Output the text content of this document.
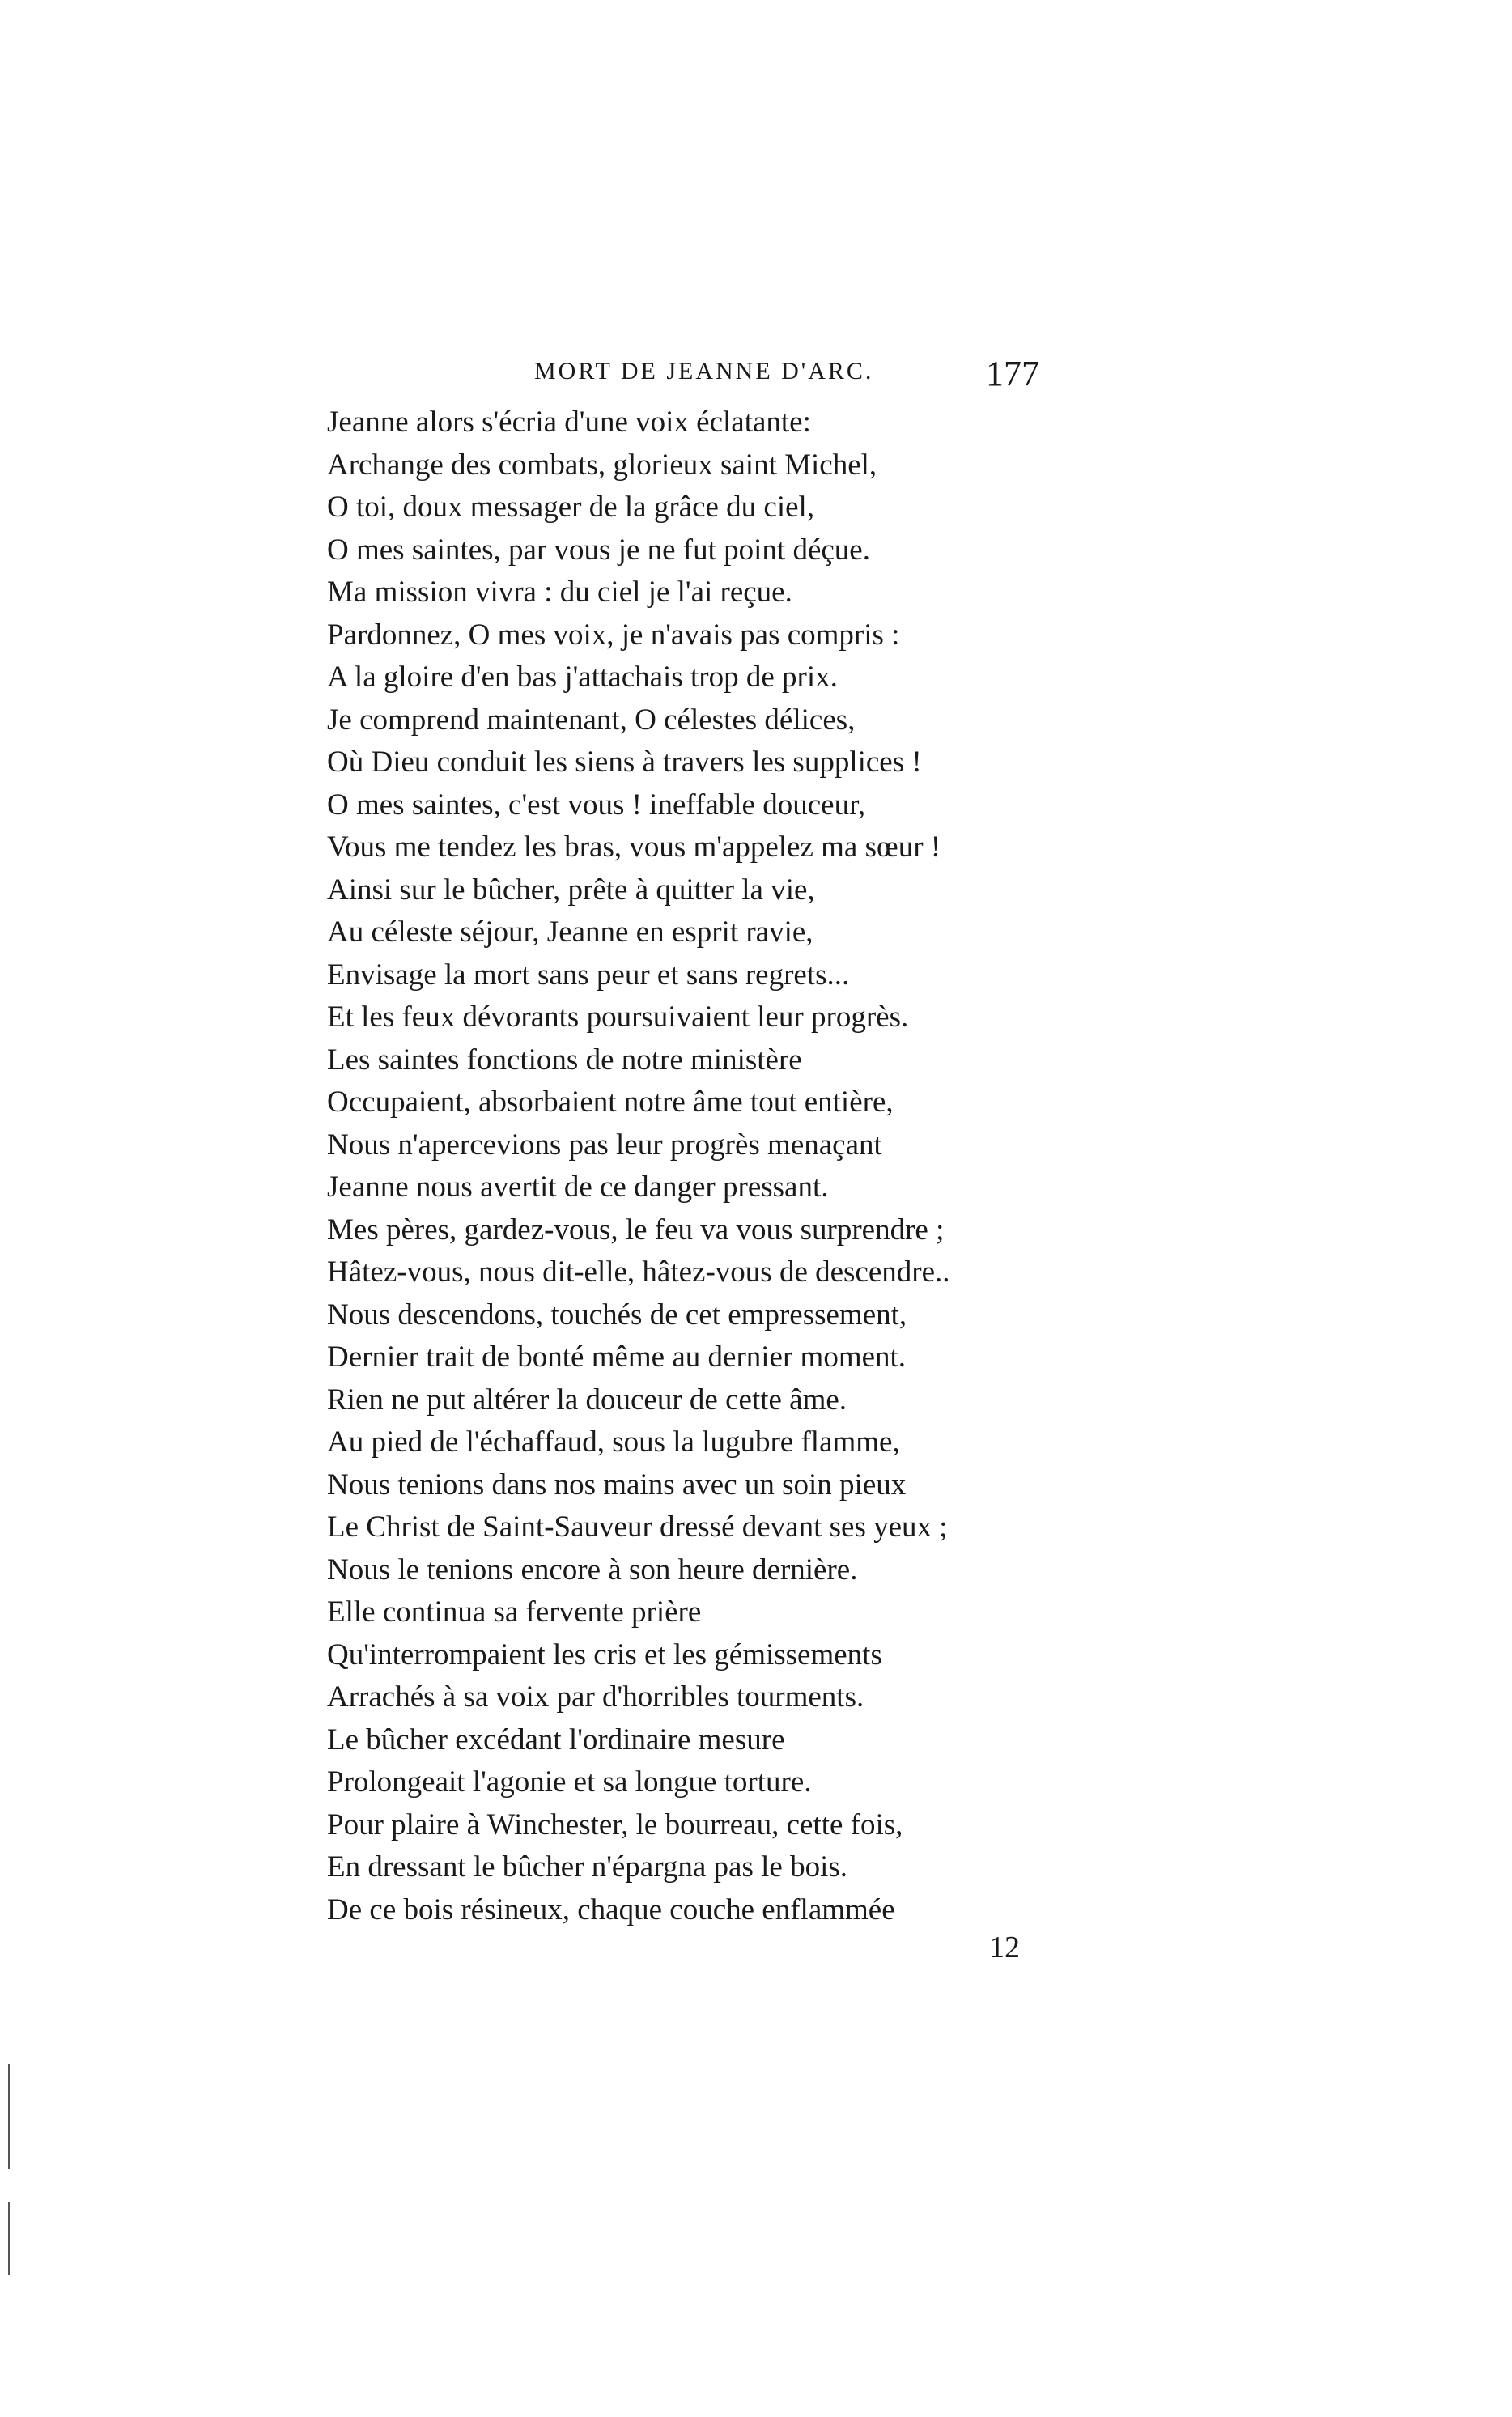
MORT DE JEANNE D'ARC.	177
Jeanne alors s'écria d'une voix éclatante:
Archange des combats, glorieux saint Michel,
O toi, doux messager de la grâce du ciel,
O mes saintes, par vous je ne fut point déçue.
Ma mission vivra : du ciel je l'ai reçue.
Pardonnez, O mes voix, je n'avais pas compris :
A la gloire d'en bas j'attachais trop de prix.
Je comprend maintenant, O célestes délices,
Où Dieu conduit les siens à travers les supplices !
O mes saintes, c'est vous ! ineffable douceur,
Vous me tendez les bras, vous m'appelez ma sœur !
Ainsi sur le bûcher, prête à quitter la vie,
Au céleste séjour, Jeanne en esprit ravie,
Envisage la mort sans peur et sans regrets...
Et les feux dévorants poursuivaient leur progrès.
Les saintes fonctions de notre ministère
Occupaient, absorbaient notre âme tout entière,
Nous n'apercevions pas leur progrès menaçant
Jeanne nous avertit de ce danger pressant.
Mes pères, gardez-vous, le feu va vous surprendre ;
Hâtez-vous, nous dit-elle, hâtez-vous de descendre..
Nous descendons, touchés de cet empressement,
Dernier trait de bonté même au dernier moment.
Rien ne put altérer la douceur de cette âme.
Au pied de l'échaffaud, sous la lugubre flamme,
Nous tenions dans nos mains avec un soin pieux
Le Christ de Saint-Sauveur dressé devant ses yeux ;
Nous le tenions encore à son heure dernière.
Elle continua sa fervente prière
Qu'interrompaient les cris et les gémissements
Arrachés à sa voix par d'horribles tourments.
Le bûcher excédant l'ordinaire mesure
Prolongeait l'agonie et sa longue torture.
Pour plaire à Winchester, le bourreau, cette fois,
En dressant le bûcher n'épargna pas le bois.
De ce bois résineux, chaque couche enflammée
12
